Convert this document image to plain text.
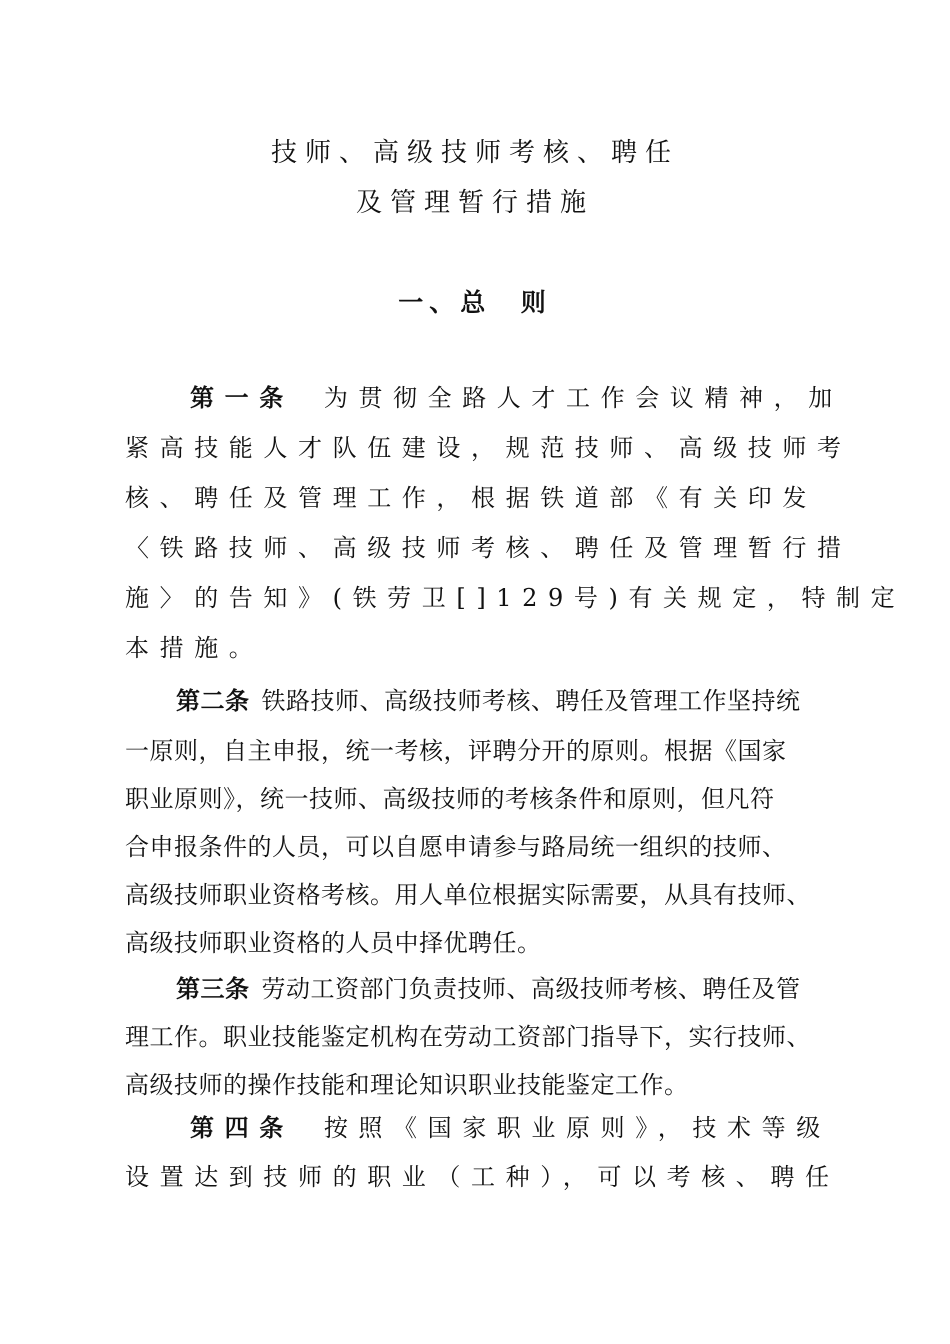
技师、高级技师考核、聘任
及管理暂行措施
一、总  则
第一条 为贯彻全路人才工作会议精神，加
紧高技能人才队伍建设，规范技师、高级技师考
核、聘任及管理工作，根据铁道部《有关印发
〈铁路技师、高级技师考核、聘任及管理暂行措
施〉的告知》(铁劳卫[]129号)有关规定，特制定
本措施。
第二条 铁路技师、高级技师考核、聘任及管理工作坚持统
一原则，自主申报，统一考核，评聘分开的原则。根据《国家
职业原则》，统一技师、高级技师的考核条件和原则，但凡符
合申报条件的人员，可以自愿申请参与路局统一组织的技师、
高级技师职业资格考核。用人单位根据实际需要，从具有技师、
高级技师职业资格的人员中择优聘任。
第三条 劳动工资部门负责技师、高级技师考核、聘任及管
理工作。职业技能鉴定机构在劳动工资部门指导下，实行技师、
高级技师的操作技能和理论知识职业技能鉴定工作。
第四条 按照《国家职业原则》，技术等级
设置达到技师的职业（工种），可以考核、聘任
